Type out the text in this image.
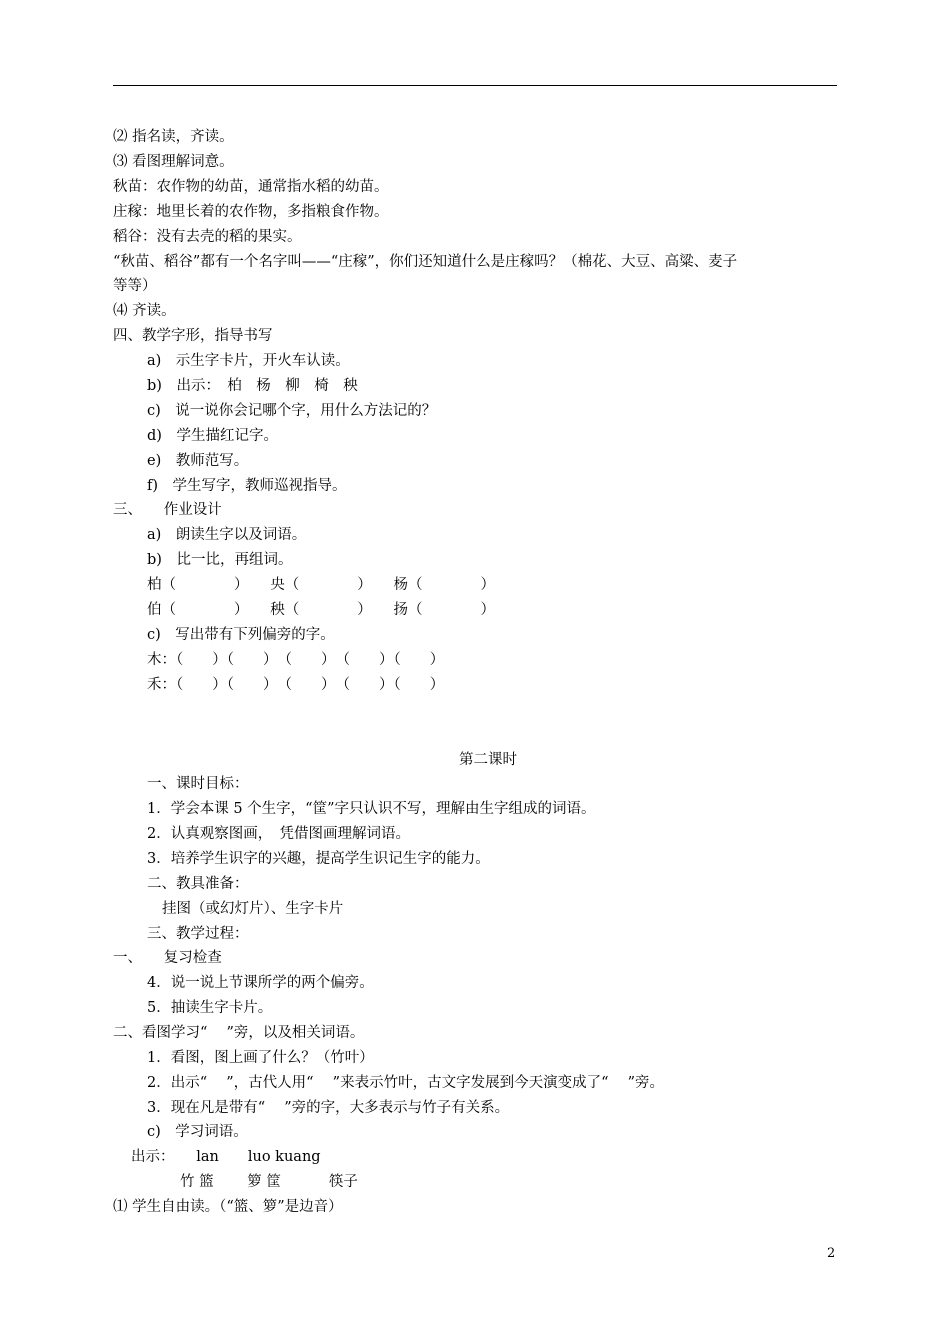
⑵ 指名读，齐读。
⑶ 看图理解词意。
秋苗：农作物的幼苗，通常指水稻的幼苗。
庄稼：地里长着的农作物，多指粮食作物。
稻谷：没有去壳的稻的果实。
“秋苗、稻谷”都有一个名字叫——“庄稼”，你们还知道什么是庄稼吗？（棉花、大豆、高粱、麦子
等等）
⑷ 齐读。
四、教学字形，指导书写
a)　示生字卡片，开火车认读。
b)　出示：　柏　杨　柳　椅　秧
c)　说一说你会记哪个字，用什么方法记的？
d)　学生描红记字。
e)　教师范写。
f)　学生写字，教师巡视指导。
三、　　作业设计
a)　朗读生字以及词语。
b)　比一比，再组词。
柏（　　　　）　　央（　　　　）　　杨（　　　　）
伯（　　　　）　　秧（　　　　）　　扬（　　　　）
c)　写出带有下列偏旁的字。
木：（　　）（　　）　（　　）　（　　）（　　）
禾：（　　）（　　）　（　　）　（　　）（　　）
第二课时
一、课时目标：
1．学会本课 5 个生字，“筐”字只认识不写，理解由生字组成的词语。
2．认真观察图画，　凭借图画理解词语。
3．培养学生识字的兴趣，提高学生识记生字的能力。
二、教具准备：
挂图（或幻灯片）、生字卡片
三、教学过程：
一、　　复习检查
4．说一说上节课所学的两个偏旁。
5．抽读生字卡片。
二、看图学习“　 ”旁，以及相关词语。
1．看图，图上画了什么？（竹叶）
2．出示“　 ”，古代人用“　 ”来表示竹叶，古文字发展到今天演变成了“　 ”旁。
3．现在凡是带有“　 ”旁的字，大多表示与竹子有关系。
c)　学习词语。
出示：　　lan　　luo kuang
竹 篮　　 箩 筐　　　 筷子
⑴ 学生自由读。（“篮、箩”是边音）
2
